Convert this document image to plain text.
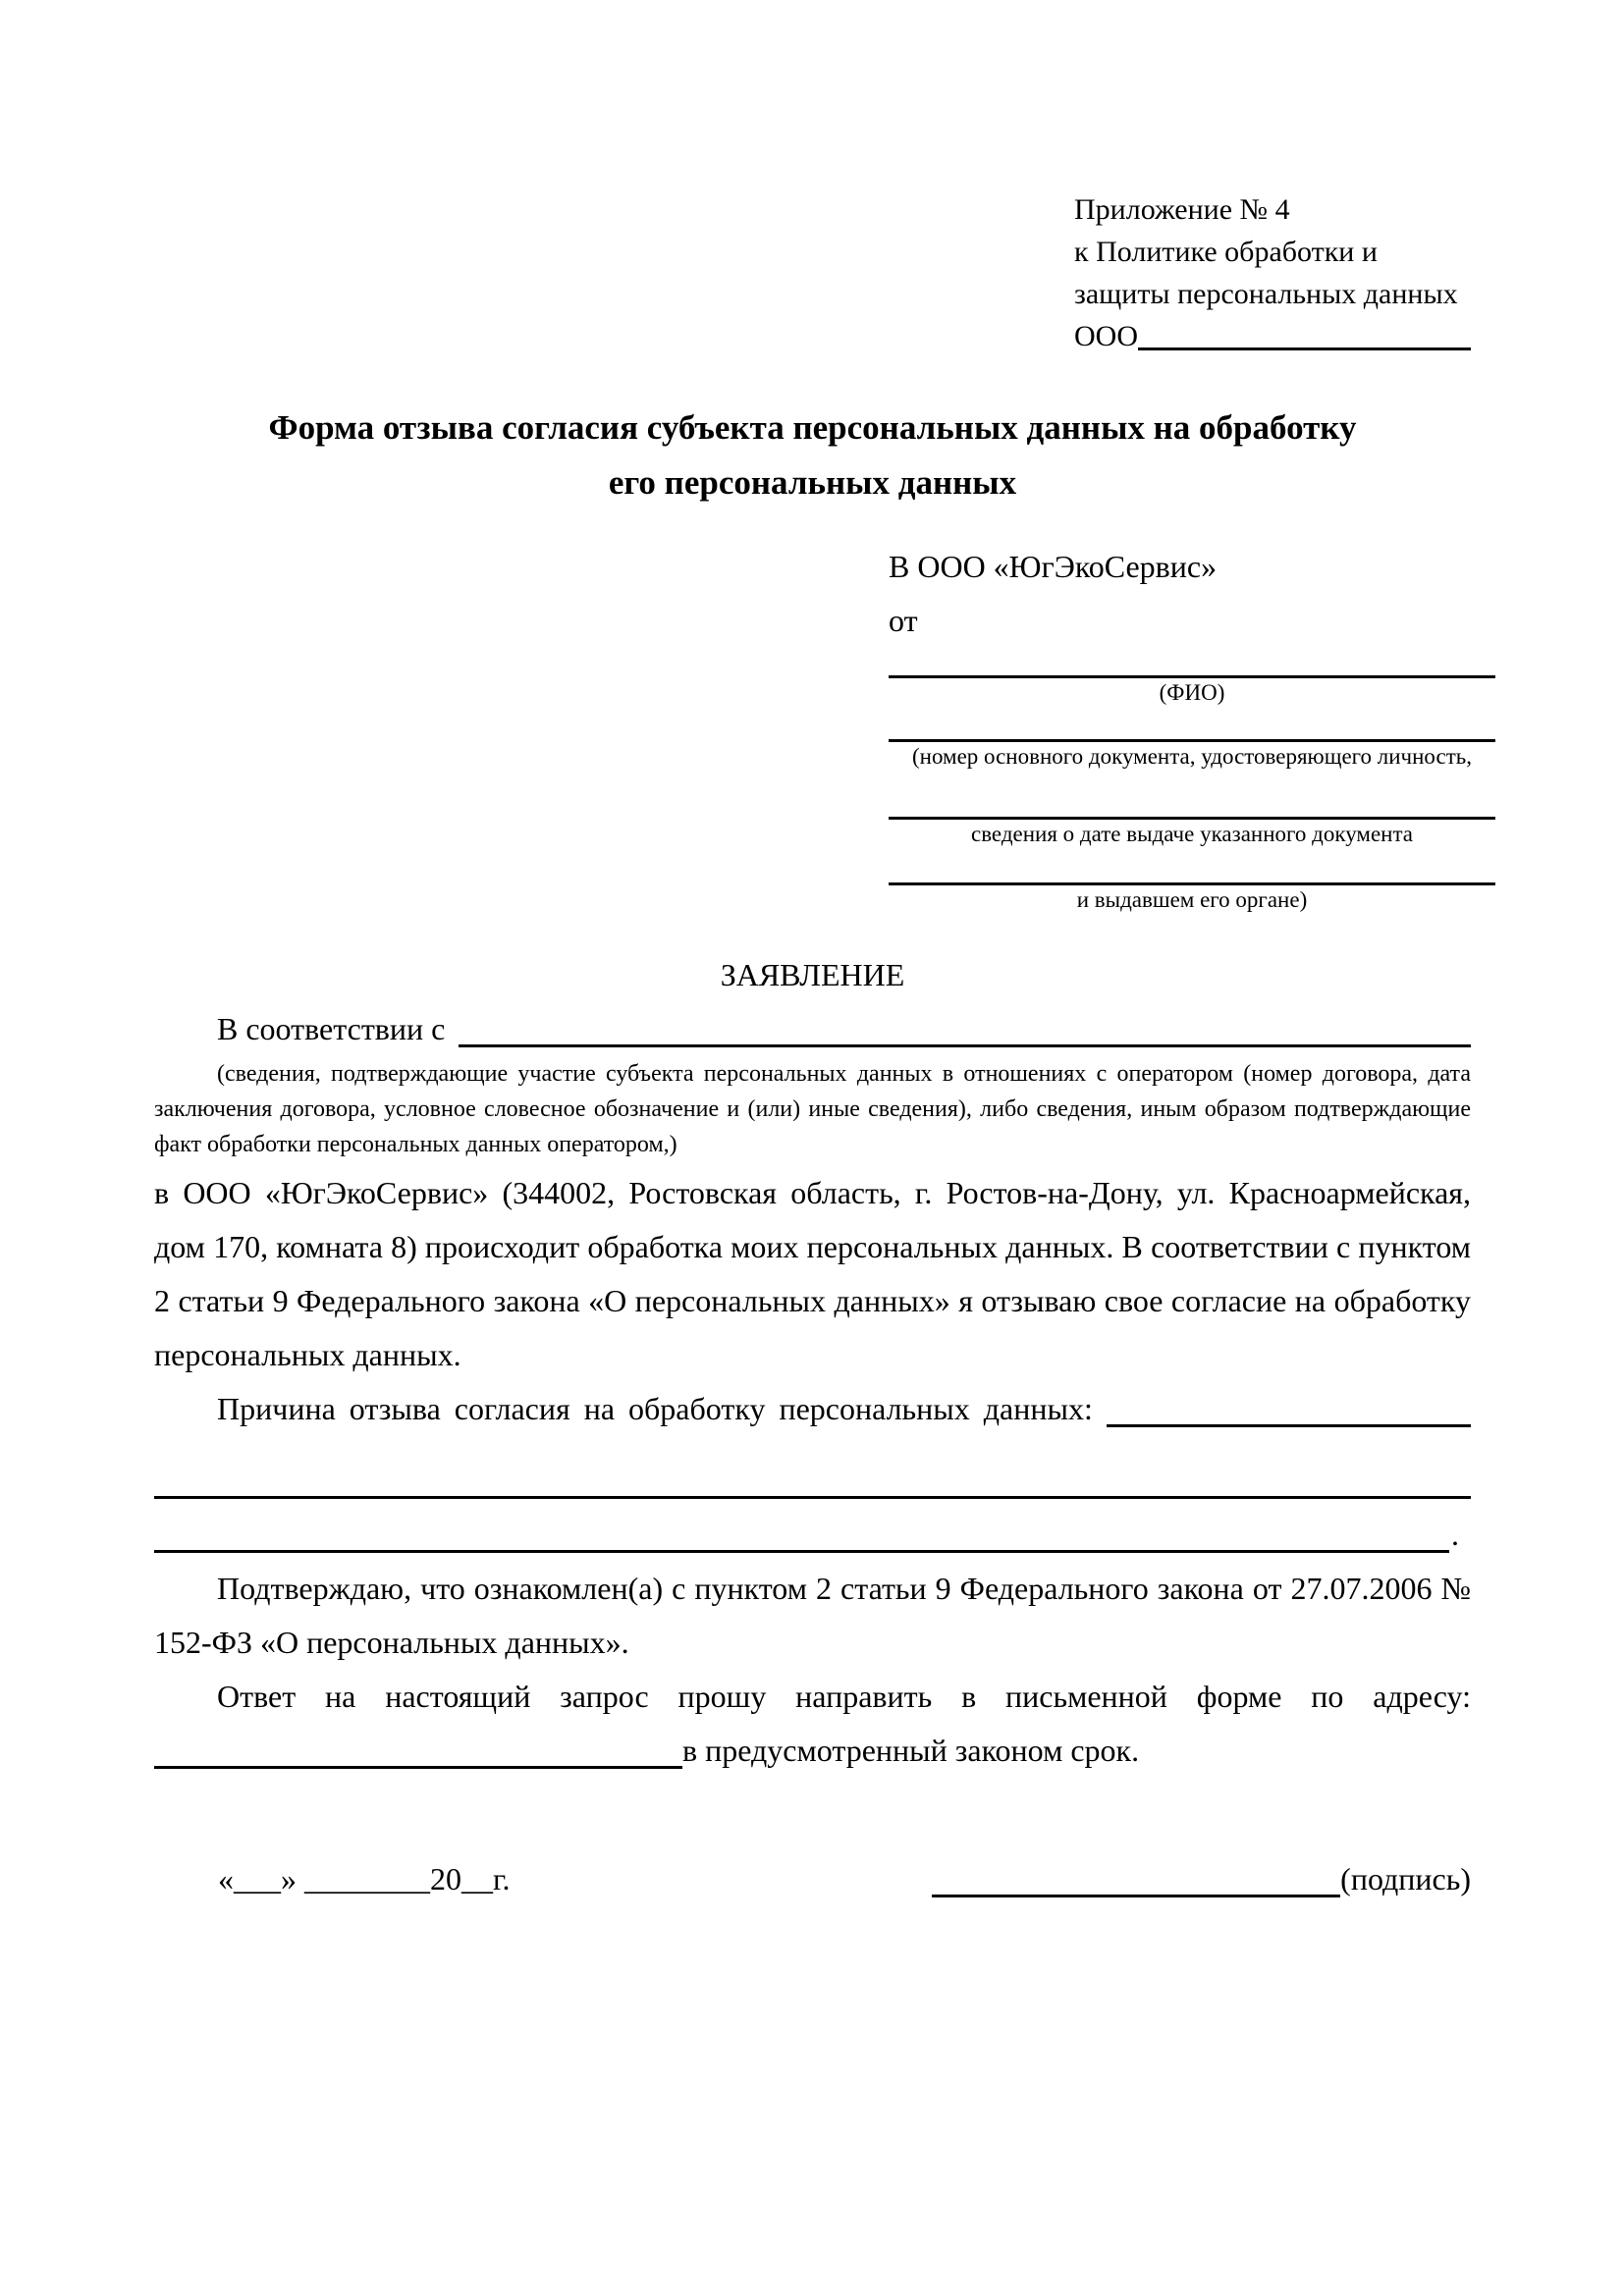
Приложение № 4
к Политике обработки и
защиты персональных данных
ООО
Форма отзыва согласия субъекта персональных данных на обработку
его персональных данных
В ООО «ЮгЭкоСервис»
от
(ФИО)
(номер основного документа, удостоверяющего личность,
сведения о дате выдаче указанного документа
и выдавшем его органе)
ЗАЯВЛЕНИЕ
В соответствии с
(сведения, подтверждающие участие субъекта персональных данных в отношениях с оператором (номер договора, дата заключения договора, условное словесное обозначение и (или) иные сведения), либо сведения, иным образом подтверждающие факт обработки персональных данных оператором,)
в ООО «ЮгЭкоСервис» (344002, Ростовская область, г. Ростов-на-Дону, ул. Красноармейская, дом 170, комната 8) происходит обработка моих персональных данных. В соответствии с пунктом 2 статьи 9 Федерального закона «О персональных данных» я отзываю свое согласие на обработку персональных данных.
Причина отзыва согласия на обработку персональных данных:
.
Подтверждаю, что ознакомлен(а) с пунктом 2 статьи 9 Федерального закона от 27.07.2006 № 152-ФЗ «О персональных данных».
Ответ на настоящий запрос прошу направить в письменной форме по адресу:
в предусмотренный законом срок.
«___» ________20__г.	(подпись)
